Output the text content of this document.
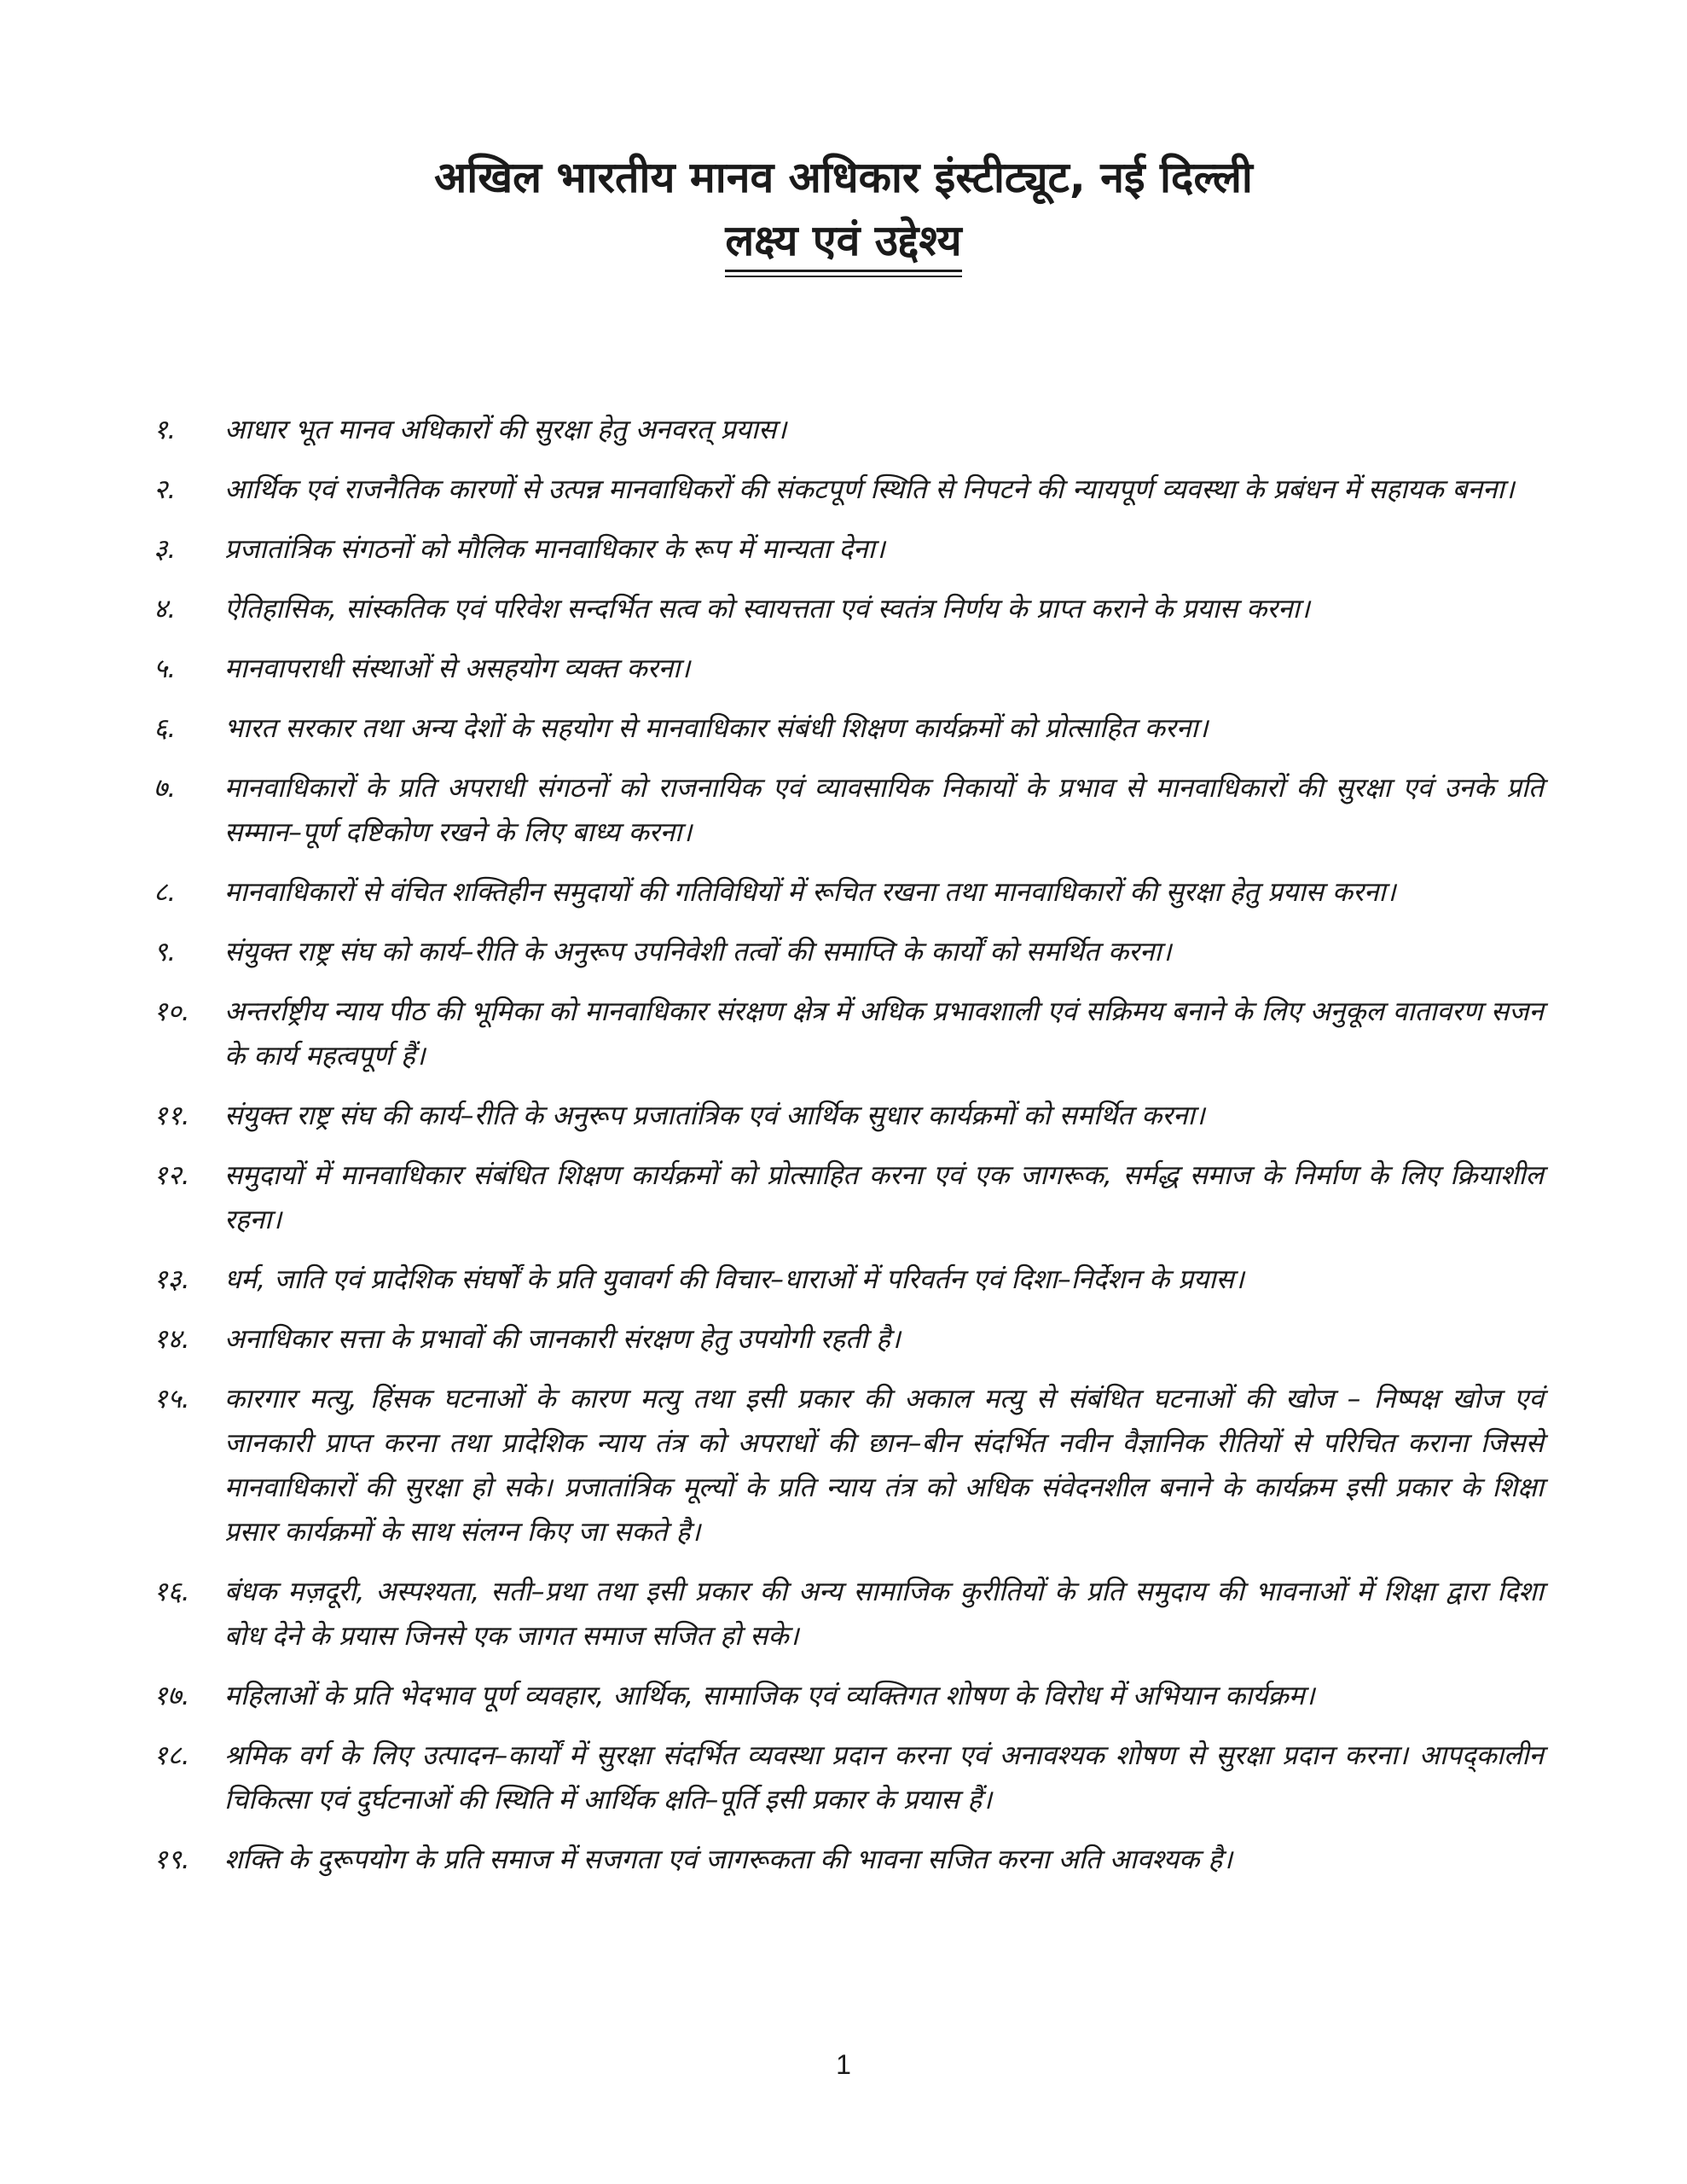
अखिल भारतीय मानव अधिकार इंस्टीट्यूट, नई दिल्ली
लक्ष्य एवं उद्देश्य
१.	आधार भूत मानव अधिकारों की सुरक्षा हेतु अनवरत् प्रयास।
२.	आर्थिक एवं राजनैतिक कारणों से उत्पन्न मानवाधिकरों की संकटपूर्ण स्थिति से निपटने की न्यायपूर्ण व्यवस्था के प्रबंधन में सहायक बनना।
३.	प्रजातांत्रिक संगठनों को मौलिक मानवाधिकार के रूप में मान्यता देना।
४.	ऐतिहासिक, सांस्कतिक एवं परिवेश सन्दर्भित सत्व को स्वायत्तता एवं स्वतंत्र निर्णय के प्राप्त कराने के प्रयास करना।
५.	मानवापराधी संस्थाओं से असहयोग व्यक्त करना।
६.	भारत सरकार तथा अन्य देशों के सहयोग से मानवाधिकार संबंधी शिक्षण कार्यक्रमों को प्रोत्साहित करना।
७.	मानवाधिकारों के प्रति अपराधी संगठनों को राजनायिक एवं व्यावसायिक निकायों के प्रभाव से मानवाधिकारों की सुरक्षा एवं उनके प्रति सम्मान–पूर्ण दष्टिकोण रखने के लिए बाध्य करना।
८.	मानवाधिकारों से वंचित शक्तिहीन समुदायों की गतिविधियों में रूचित रखना तथा मानवाधिकारों की सुरक्षा हेतु प्रयास करना।
९.	संयुक्त राष्ट्र संघ को कार्य–रीति के अनुरूप उपनिवेशी तत्वों की समाप्ति के कार्यों को समर्थित करना।
१०.	अन्तर्राष्ट्रीय न्याय पीठ की भूमिका को मानवाधिकार संरक्षण क्षेत्र में अधिक प्रभावशाली एवं सक्रिमय बनाने के लिए अनुकूल वातावरण सजन के कार्य महत्वपूर्ण हैं।
११.	संयुक्त राष्ट्र संघ की कार्य–रीति के अनुरूप प्रजातांत्रिक एवं आर्थिक सुधार कार्यक्रमों को समर्थित करना।
१२.	समुदायों में मानवाधिकार संबंधित शिक्षण कार्यक्रमों को प्रोत्साहित करना एवं एक जागरूक, सर्मद्ध समाज के निर्माण के लिए क्रियाशील रहना।
१३.	धर्म, जाति एवं प्रादेशिक संघर्षों के प्रति युवावर्ग की विचार–धाराओं में परिवर्तन एवं दिशा–निर्देशन के प्रयास।
१४.	अनाधिकार सत्ता के प्रभावों की जानकारी संरक्षण हेतु उपयोगी रहती है।
१५.	कारगार मत्यु, हिंसक घटनाओं के कारण मत्यु तथा इसी प्रकार की अकाल मत्यु से संबंधित घटनाओं की खोज – निष्पक्ष खोज एवं जानकारी प्राप्त करना तथा प्रादेशिक न्याय तंत्र को अपराधों की छान–बीन संदर्भित नवीन वैज्ञानिक रीतियों से परिचित कराना जिससे मानवाधिकारों की सुरक्षा हो सके। प्रजातांत्रिक मूल्यों के प्रति न्याय तंत्र को अधिक संवेदनशील बनाने के कार्यक्रम इसी प्रकार के शिक्षा प्रसार कार्यक्रमों के साथ संलग्न किए जा सकते है।
१६.	बंधक मज़दूरी, अस्पश्यता, सती–प्रथा तथा इसी प्रकार की अन्य सामाजिक कुरीतियों के प्रति समुदाय की भावनाओं में शिक्षा द्वारा दिशा बोध देने के प्रयास जिनसे एक जागत समाज सजित हो सके।
१७.	महिलाओं के प्रति भेदभाव पूर्ण व्यवहार, आर्थिक, सामाजिक एवं व्यक्तिगत शोषण के विरोध में अभियान कार्यक्रम।
१८.	श्रमिक वर्ग के लिए उत्पादन–कार्यों में सुरक्षा संदर्भित व्यवस्था प्रदान करना एवं अनावश्यक शोषण से सुरक्षा प्रदान करना। आपद्कालीन चिकित्सा एवं दुर्घटनाओं की स्थिति में आर्थिक क्षति–पूर्ति इसी प्रकार के प्रयास हैं।
१९.	शक्ति के दुरूपयोग के प्रति समाज में सजगता एवं जागरूकता की भावना सजित करना अति आवश्यक है।
1
